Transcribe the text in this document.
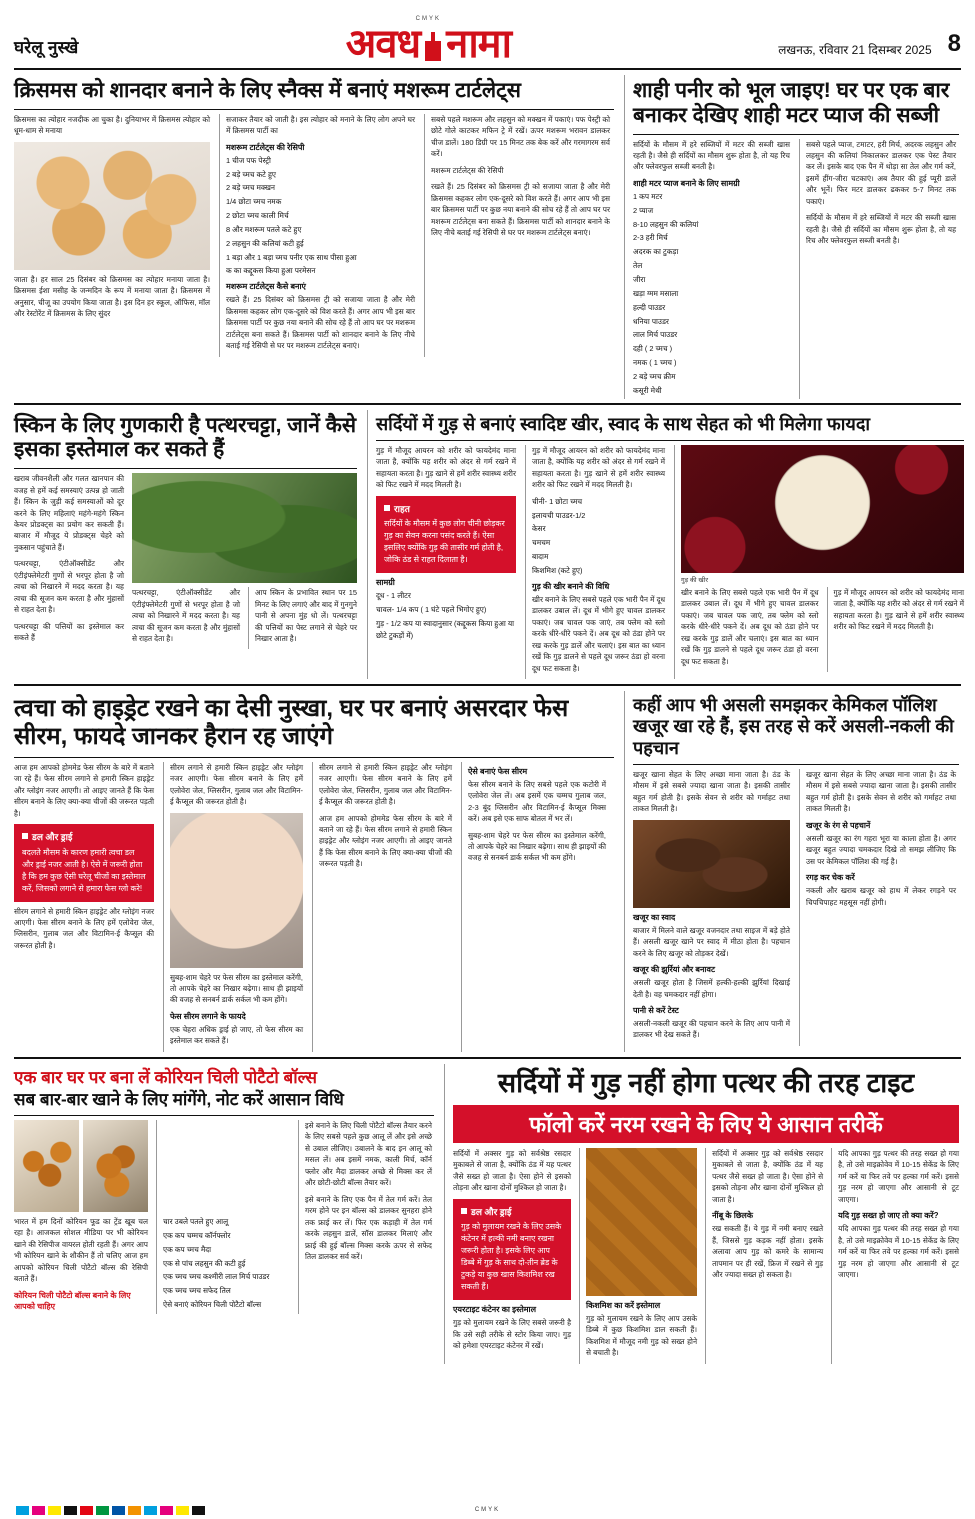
घरेलू नुस्खे
CMYK
अवध नामा	लखनऊ, रविवार 21 दिसम्बर 2025 8
क्रिसमस को शानदार बनाने के लिए स्नैक्स में बनाएं मशरूम टार्टलेट्स

क्रिसमस का त्योहार नजदीक आ चुका है। दुनियाभर में क्रिसमस त्योहार को धूम-धाम से मनाया

जाता है। हर साल 25 दिसंबर को क्रिसमस का त्योहार मनाया जाता है। क्रिसमस ईशा मसीह के जन्मदिन के रूप में मनाया जाता है। क्रिसमस में अनुसार, चीजू का उपयोग किया जाता है। इस दिन हर स्कूल, ऑफिस, मॉल और रेस्टोरेंट में क्रिसमस के लिए सुंदर

सजाकर तैयार को जाती है। इस त्योहार को मनाने के लिए लोग अपने घर में क्रिसमस पार्टी का

मशरूम टार्टलेट्स की रेसिपी
1 चीज पफ पेस्ट्री
2 बड़े च्मच कटे हुए
2 बड़े च्मच मक्खन
1/4 छोटा च्मच नमक
2 छोटा च्मच काली मिर्च
8 और मशरूम पतले कटे हुए
2 लहसुन की कलियां कटी हुई
1 बड़ा और 1 बड़ा च्मच पनीर एक साथ पीसा हुआ
क का कद्दूकस किया हुआ परमेसन
मशरूम टार्टलेट्स कैसे बनाएं

रखते हैं। 25 दिसंबर को क्रिसमस ट्री को सजाया जाता है और मेरी क्रिसमस कहकर लोग एक-दूसरे को विश करते हैं। अगर आप भी इस बार क्रिसमस पार्टी पर कुछ नया बनाने की सोच रहे हैं तो आप घर पर मशरूम टार्टलेट्स बना सकते हैं। क्रिसमस पार्टी को शानदार बनाने के लिए नीचे बताई गई रेसिपी से घर पर मशरूम टार्टलेट्स बनाएं।

सबसे पहले मशरूम और लहसुन को मक्खन में पकाएं। पफ पेस्ट्री को छोटे गोले काटकर मफिन ट्रे में रखें। ऊपर मशरूम भरावन डालकर चीज डालें। 180 डिग्री पर 15 मिनट तक बेक करें और गरमागरम सर्व करें।

मशरूम टार्टलेट्स की रेसिपी

रखते हैं। 25 दिसंबर को क्रिसमस ट्री को सजाया जाता है और मेरी क्रिसमस कहकर लोग एक-दूसरे को विश करते हैं। अगर आप भी इस बार क्रिसमस पार्टी पर कुछ नया बनाने की सोच रहे हैं तो आप घर पर मशरूम टार्टलेट्स बना सकते हैं। क्रिसमस पार्टी को शानदार बनाने के लिए नीचे बताई गई रेसिपी से घर पर मशरूम टार्टलेट्स बनाएं।

शाही पनीर को भूल जाइए! घर पर एक बार बनाकर देखिए शाही मटर प्याज की सब्जी

सर्दियों के मौसम में हरे सब्जियों में मटर की सब्जी खास रहती है। जैसे ही सर्दियों का मौसम शुरू होता है, तो यह रिच और फ्लेवरफुल सब्जी बनती है।

शाही मटर प्याज बनाने के लिए सामग्री
1 कप मटर
2 प्याज
8-10 लहसुन की कलियां
2-3 हरी मिर्च
अदरक का टुकड़ा
तेल
जीरा
खड़ा ग्मम मसाला
हल्दी पाउडर
धनिया पाउडर
लाल मिर्च पाउडर
दही ( 2 च्मच )
नमक ( 1 च्मच )
2 बड़े च्मच क्रीम
कसूरी मेथी

सबसे पहले प्याज, टमाटर, हरी मिर्च, अदरक लहसुन और लहसुन की कलियां निकालकर डालकर एक पेस्ट तैयार कर लें। इसके बाद एक पैन में थोड़ा सा तेल और गर्म करें, इसमें हींग-जीरा चटकाएं। अब तैयार की हुई प्यूरी डालें और भूनें। फिर मटर डालकर ढककर 5-7 मिनट तक पकाएं।

सर्दियों के मौसम में हरे सब्जियों में मटर की सब्जी खास रहती है। जैसे ही सर्दियों का मौसम शुरू होता है, तो यह रिच और फ्लेवरफुल सब्जी बनती है।

स्किन के लिए गुणकारी है पत्थरचट्टा, जानें कैसे इसका इस्तेमाल कर सकते हैं

खराब जीवनशैली और गलत खानपान की वजह से हमें कई समस्याएं उत्पन्न हो जाती हैं। स्किन के जुड़ी कई समस्याओं को दूर करने के लिए महिलाएं महंगे-महंगे स्किन केयर प्रोडक्ट्स का प्रयोग कर सकती हैं। बाजार में मौजूद ये प्रोडक्ट्स चेहरे को नुकसान पहुंचाते हैं।

पत्थरचट्टा, एंटीऑक्सीडेंट और एंटीइंफ्लेमेटरी गुणों से भरपूर होता है जो त्वचा को निखारने में मदद करता है। यह त्वचा की सूजन कम करता है और मुंहासों से राहत देता है।

पत्थरचट्टा की पत्तियों का इस्तेमाल कर सकते हैं

पत्थरचट्टा, एंटीऑक्सीडेंट और एंटीइंफ्लेमेटरी गुणों से भरपूर होता है जो त्वचा को निखारने में मदद करता है। यह त्वचा की सूजन कम करता है और मुंहासों से राहत देता है।

आप स्किन के प्रभावित स्थान पर 15 मिनट के लिए लगाएं और बाद में गुनगुने पानी से अपना मुंह धो लें। पत्थरचट्टा की पत्तियों का पेस्ट लगाने से चेहरे पर निखार आता है।

सर्दियों में गुड़ से बनाएं स्वादिष्ट खीर, स्वाद के साथ सेहत को भी मिलेगा फायदा

गुड़ में मौजूद आयरन को शरीर को फायदेमंद माना जाता है, क्योंकि यह शरीर को अंदर से गर्म रखने में सहायता करता है। गुड़ खाने से हमें शरीर स्वास्थ्य शरीर को फिट रखने में मदद मिलती है।

राहत
सर्दियों के मौसम में कुछ लोग चीनी छोड़कर गुड़ का सेवन करना पसंद करते हैं। ऐसा इसलिए क्योंकि गुड़ की तासीर गर्म होती है, जोकि ठंड से राहत दिलाता है।
सामग्री
दूध - 1 लीटर
चावल- 1/4 कप ( 1 घंटे पहले भिगोए हुए)
गुड़ - 1/2 कप या स्वादानुसार (कद्दूकस किया हुआ या छोटे टुकड़ों में)

गुड़ में मौजूद आयरन को शरीर को फायदेमंद माना जाता है, क्योंकि यह शरीर को अंदर से गर्म रखने में सहायता करता है। गुड़ खाने से हमें शरीर स्वास्थ्य शरीर को फिट रखने में मदद मिलती है।

चीनी- 1 छोटा च्मच
इलायची पाउडर-1/2
केसर
चमचम
बादाम
किशमिश (कटे हुए)
गुड़ की खीर बनाने की विधि

खीर बनाने के लिए सबसे पहले एक भारी पैन में दूध डालकर उबाल लें। दूध में भीगे हुए चावल डालकर पकाएं। जब चावल पक जाएं, तब फ्लेम को स्लो करके धीरे-धीरे पकने दें। अब दूध को ठंडा होने पर रख करके गुड़ डालें और चलाएं। इस बात का ध्यान रखें कि गुड़ डालने से पहले दूध जरूर ठंडा हो वरना दूध फट सकता है।

गुड़ की खीर

खीर बनाने के लिए सबसे पहले एक भारी पैन में दूध डालकर उबाल लें। दूध में भीगे हुए चावल डालकर पकाएं। जब चावल पक जाएं, तब फ्लेम को स्लो करके धीरे-धीरे पकने दें। अब दूध को ठंडा होने पर रख करके गुड़ डालें और चलाएं। इस बात का ध्यान रखें कि गुड़ डालने से पहले दूध जरूर ठंडा हो वरना दूध फट सकता है।

गुड़ में मौजूद आयरन को शरीर को फायदेमंद माना जाता है, क्योंकि यह शरीर को अंदर से गर्म रखने में सहायता करता है। गुड़ खाने से हमें शरीर स्वास्थ्य शरीर को फिट रखने में मदद मिलती है।

त्वचा को हाइड्रेट रखने का देसी नुस्खा, घर पर बनाएं असरदार फेस सीरम, फायदे जानकर हैरान रह जाएंगे

आज हम आपको होममेड फेस सीरम के बारे में बताने जा रहे हैं। फेस सीरम लगाने से हमारी स्किन हाइड्रेट और ग्लोइंग नजर आएगी। तो आइए जानते हैं कि फेस सीरम बनाने के लिए क्या-क्या चीजों की जरूरत पड़ती है।

डल और ड्राई
बदलते मौसम के कारण हमारी त्वचा डल और ड्राई नजर आती है। ऐसे में जरूरी होता है कि हम कुछ ऐसी घरेलू चीजों का इस्तेमाल करें, जिसको लगाने से हमारा फेस ग्लो करे!

सीरम लगाने से हमारी स्किन हाइड्रेट और ग्लोइंग नजर आएगी। फेस सीरम बनाने के लिए हमें एलोवेरा जेल, ग्लिसरीन, गुलाब जल और विटामिन-ई कैप्सूल की जरूरत होती है।

सीरम लगाने से हमारी स्किन हाइड्रेट और ग्लोइंग नजर आएगी। फेस सीरम बनाने के लिए हमें एलोवेरा जेल, ग्लिसरीन, गुलाब जल और विटामिन-ई कैप्सूल की जरूरत होती है।

सुबह-शाम चेहरे पर फेस सीरम का इस्तेमाल करेंगी, तो आपके चेहरे का निखार बढ़ेगा। साथ ही झाइयों की वजह से सनबर्न डार्क सर्कल भी कम होंगे।

फेस सीरम लगाने के फायदे

एक चेहरा अधिक ड्राई हो जाए, तो फेस सीरम का इस्तेमाल कर सकते हैं।

सीरम लगाने से हमारी स्किन हाइड्रेट और ग्लोइंग नजर आएगी। फेस सीरम बनाने के लिए हमें एलोवेरा जेल, ग्लिसरीन, गुलाब जल और विटामिन-ई कैप्सूल की जरूरत होती है।

आज हम आपको होममेड फेस सीरम के बारे में बताने जा रहे हैं। फेस सीरम लगाने से हमारी स्किन हाइड्रेट और ग्लोइंग नजर आएगी। तो आइए जानते हैं कि फेस सीरम बनाने के लिए क्या-क्या चीजों की जरूरत पड़ती है।

ऐसे बनाएं फेस सीरम

फेस सीरम बनाने के लिए सबसे पहले एक कटोरी में एलोवेरा जेल लें। अब इसमें एक चम्मच गुलाब जल, 2-3 बूंद ग्लिसरीन और विटामिन-ई कैप्सूल मिक्स करें। अब इसे एक साफ बोतल में भर लें।

सुबह-शाम चेहरे पर फेस सीरम का इस्तेमाल करेंगी, तो आपके चेहरे का निखार बढ़ेगा। साथ ही झाइयों की वजह से सनबर्न डार्क सर्कल भी कम होंगे।

कहीं आप भी असली समझकर केमिकल पॉलिश खजूर खा रहे हैं, इस तरह से करें असली-नकली की पहचान

खजूर खाना सेहत के लिए अच्छा माना जाता है। ठंड के मौसम में इसे सबसे ज्यादा खाना जाता है। इसकी तासीर बहुत गर्म होती है। इसके सेवन से शरीर को गर्माहट तथा ताकत मिलती है।

खजूर का स्वाद

बाजार में मिलने वाले खजूर वजनदार तथा साइज में बड़े होते हैं। असली खजूर खाने पर स्वाद में मीठा होता है। पहचान करने के लिए खजूर को तोड़कर देखें।

खजूर की झुर्रियां और बनावट

असली खजूर होता है जिसमें हल्की-हल्की झुर्रियां दिखाई देती है। वह चमकदार नहीं होगा।

पानी से करें टेस्ट

असली-नकली खजूर की पहचान करने के लिए आप पानी में डालकर भी देख सकते हैं।

खजूर खाना सेहत के लिए अच्छा माना जाता है। ठंड के मौसम में इसे सबसे ज्यादा खाना जाता है। इसकी तासीर बहुत गर्म होती है। इसके सेवन से शरीर को गर्माहट तथा ताकत मिलती है।

खजूर के रंग से पहचानें

असली खजूर का रंग गहरा भूरा या काला होता है। अगर खजूर बहुत ज्यादा चमकदार दिखे तो समझ लीजिए कि उस पर केमिकल पॉलिश की गई है।

रगड़ कर चेक करें

नकली और खराब खजूर को हाथ में लेकर रगड़ने पर चिपचिपाहट महसूस नहीं होगी।

एक बार घर पर बना लें कोरियन चिली पोटैटो बॉल्स
सब बार-बार खाने के लिए मांगेंगे, नोट करें आसान विधि

भारत में हम दिनों कोरियन फूड का ट्रेंड खूब चल रहा है। आजकल सोशल मीडिया पर भी कोरियन खाने की रेसिपीज वायरल होती रहती हैं। अगर आप भी कोरियन खाने के शौकीन हैं तो चलिए आज हम आपको कोरियन चिली पोटैटो बॉल्स की रेसिपी बताते हैं।

कोरियन चिली पोटैटो बॉल्स बनाने के लिए आपको चाहिए
चार उबले पतले हुए आलू
एक कप चम्मच कॉर्नफ्लोर
एक कप च्मच मैदा
एक से पांच लहसुन की कटी हुई
एक च्मच च्मच कश्मीरी लाल मिर्च पाउडर
एक च्मच च्मच सफेद तिल
ऐसे बनाएं कोरियन चिली पोटैटो बॉल्स

इसे बनाने के लिए चिली पोटैटो बॉल्स तैयार करने के लिए सबसे पहले कुछ आलू लें और इसे अच्छे से उबाल लीजिए। उबालने के बाद इन आलू को मसल लें। अब इसमें नमक, काली मिर्च, कॉर्न फ्लोर और मैदा डालकर अच्छे से मिक्स कर लें और छोटी-छोटी बॉल्स तैयार करें।

इसे बनाने के लिए एक पैन में तेल गर्म करें। तेल गरम होने पर इन बॉल्स को डालकर सुनहरा होने तक फ्राई कर लें। फिर एक कड़ाही में तेल गर्म करके लहसुन डालें, सॉस डालकर मिलाएं और फ्राई की हुई बॉल्स मिक्स करके ऊपर से सफेद तिल डालकर सर्व करें।

सर्दियों में गुड़ नहीं होगा पत्थर की तरह टाइट
फॉलो करें नरम रखने के लिए ये आसान तरीकें

सर्दियों में अक्सर गुड़ को सर्वश्रेष्ठ रसदार मुकाबले से जाता है, क्योंकि ठंड में यह पत्थर जैसे सख्त हो जाता है। ऐसा होने से इसको तोड़ना और खाना दोनों मुश्किल हो जाता है।

डल और ड्राई
गुड़ को मुलायम रखने के लिए उसके कंटेनर में हल्की नमी बनाए रखना जरूरी होता है। इसके लिए आप डिब्बे में गुड़ के साथ दो-तीन ब्रेड के टुकड़े या कुछ खास किशमिश रख सकती हैं।
एयरटाइट कंटेनर का इस्तेमाल

गुड़ को मुलायम रखने के लिए सबसे जरूरी है कि उसे सही तरीके से स्टोर किया जाए। गुड़ को हमेशा एयरटाइट कंटेनर में रखें।

किशमिश का करें इस्तेमाल

गुड़ को मुलायम रखने के लिए आप उसके डिब्बे में कुछ किशमिश डाल सकती हैं। किशमिश में मौजूद नमी गुड़ को सख्त होने से बचाती है।

सर्दियों में अक्सर गुड़ को सर्वश्रेष्ठ रसदार मुकाबले से जाता है, क्योंकि ठंड में यह पत्थर जैसे सख्त हो जाता है। ऐसा होने से इसको तोड़ना और खाना दोनों मुश्किल हो जाता है।

नींबू के छिलके

रख सकती हैं। ये गुड़ में नमी बनाए रखते हैं, जिससे गुड़ कड़क नहीं होता। इसके अलावा आप गुड़ को कमरे के सामान्य तापमान पर ही रखें, फ्रिज में रखने से गुड़ और ज्यादा सख्त हो सकता है।

यदि आपका गुड़ पत्थर की तरह सख्त हो गया है, तो उसे माइक्रोवेव में 10-15 सेकेंड के लिए गर्म करें या फिर तवे पर हल्का गर्म करें। इससे गुड़ नरम हो जाएगा और आसानी से टूट जाएगा।

यदि गुड़ सख्त हो जाए तो क्या करें?

यदि आपका गुड़ पत्थर की तरह सख्त हो गया है, तो उसे माइक्रोवेव में 10-15 सेकेंड के लिए गर्म करें या फिर तवे पर हल्का गर्म करें। इससे गुड़ नरम हो जाएगा और आसानी से टूट जाएगा।

CMYK
